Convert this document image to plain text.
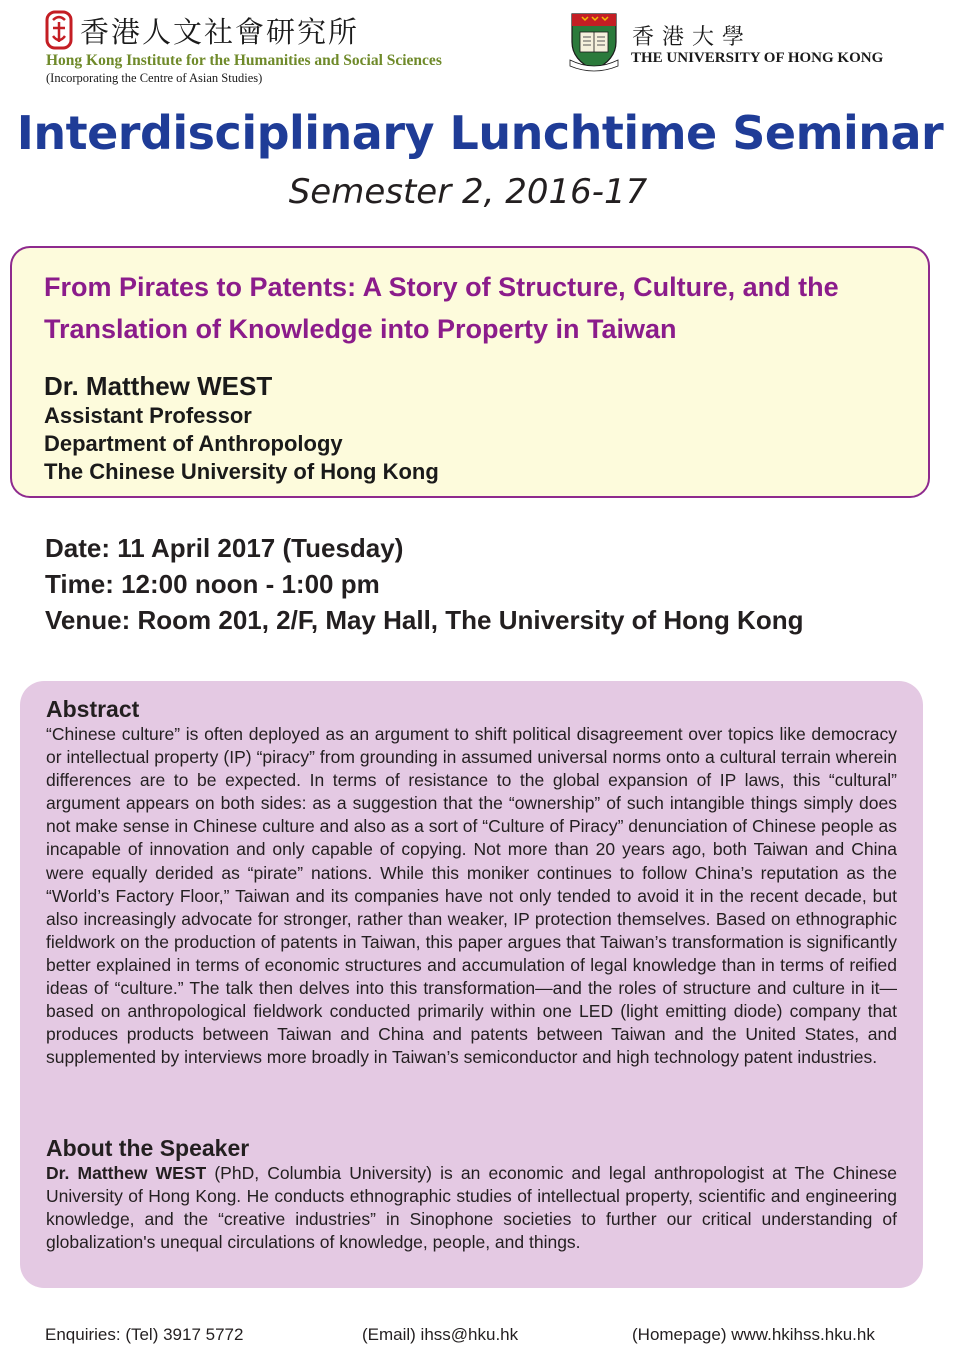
香港人文社會研究所
Hong Kong Institute for the Humanities and Social Sciences
(Incorporating the Centre of Asian Studies)
香港大學
THE UNIVERSITY OF HONG KONG
Interdisciplinary Lunchtime Seminar
Semester 2, 2016-17
From Pirates to Patents: A Story of Structure, Culture, and the Translation of Knowledge into Property in Taiwan
Dr. Matthew WEST
Assistant Professor
Department of Anthropology
The Chinese University of Hong Kong
Date: 11 April 2017 (Tuesday)
Time: 12:00 noon - 1:00 pm
Venue: Room 201, 2/F, May Hall, The University of Hong Kong
Abstract
“Chinese culture” is often deployed as an argument to shift political disagreement over topics like democracy or intellectual property (IP) “piracy” from grounding in assumed universal norms onto a cultural terrain wherein differences are to be expected. In terms of resistance to the global expansion of IP laws, this “cultural” argument appears on both sides: as a suggestion that the “ownership” of such intangible things simply does not make sense in Chinese culture and also as a sort of “Culture of Piracy” denunciation of Chinese people as incapable of innovation and only capable of copying. Not more than 20 years ago, both Taiwan and China were equally derided as “pirate” nations. While this moniker continues to follow China’s reputation as the “World’s Factory Floor,” Taiwan and its companies have not only tended to avoid it in the recent decade, but also increasingly advocate for stronger, rather than weaker, IP protection themselves. Based on ethnographic fieldwork on the production of patents in Taiwan, this paper argues that Taiwan’s transformation is significantly better explained in terms of economic structures and accumulation of legal knowledge than in terms of reified ideas of “culture.” The talk then delves into this transformation—and the roles of structure and culture in it—based on anthropological fieldwork conducted primarily within one LED (light emitting diode) company that produces products between Taiwan and China and patents between Taiwan and the United States, and supplemented by interviews more broadly in Taiwan’s semiconductor and high technology patent industries.
About the Speaker
Dr. Matthew WEST (PhD, Columbia University) is an economic and legal anthropologist at The Chinese University of Hong Kong. He conducts ethnographic studies of intellectual property, scientific and engineering knowledge, and the “creative industries” in Sinophone societies to further our critical understanding of globalization's unequal circulations of knowledge, people, and things.
Enquiries: (Tel) 3917 5772	(Email) ihss@hku.hk	(Homepage) www.hkihss.hku.hk
